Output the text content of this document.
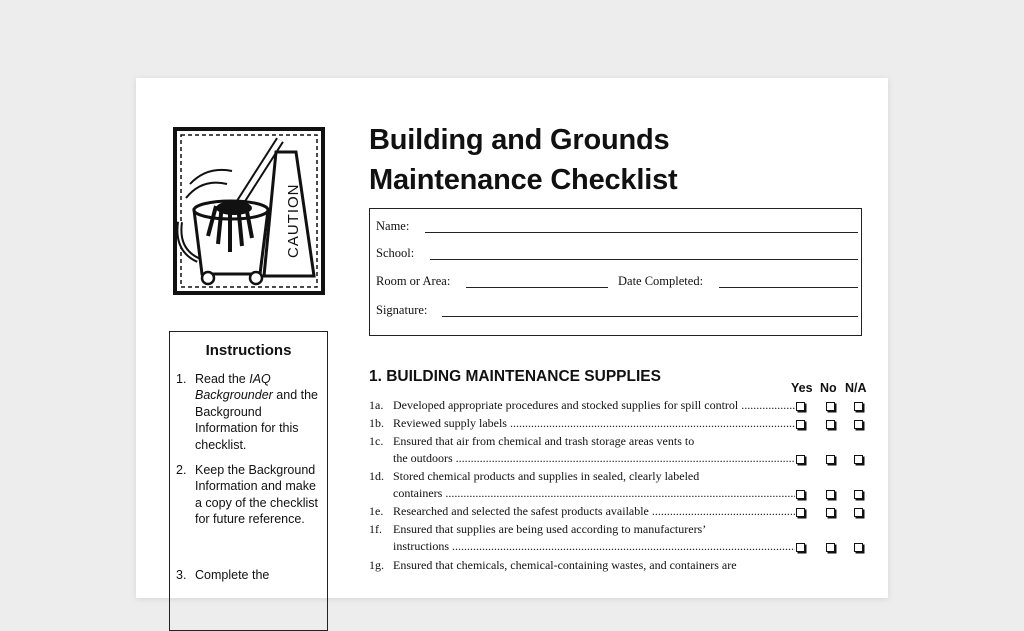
CAUTION
Building and Grounds
Maintenance Checklist
Name:
School:
Room or Area:	Date Completed:
Signature:
Instructions
1. Read the IAQ Backgrounder and the Background Information for this checklist.
2. Keep the Background Information and make a copy of the checklist for future reference.
3. Complete the
1. BUILDING MAINTENANCE SUPPLIES
Yes No N/A
1a. Developed appropriate procedures and stocked supplies for spill control .....
1b. Reviewed supply labels .....
1c. Ensured that air from chemical and trash storage areas vents to
the outdoors .....
1d. Stored chemical products and supplies in sealed, clearly labeled
containers .....
1e. Researched and selected the safest products available .....
1f. Ensured that supplies are being used according to manufacturers’
instructions .....
1g. Ensured that chemicals, chemical-containing wastes, and containers are
